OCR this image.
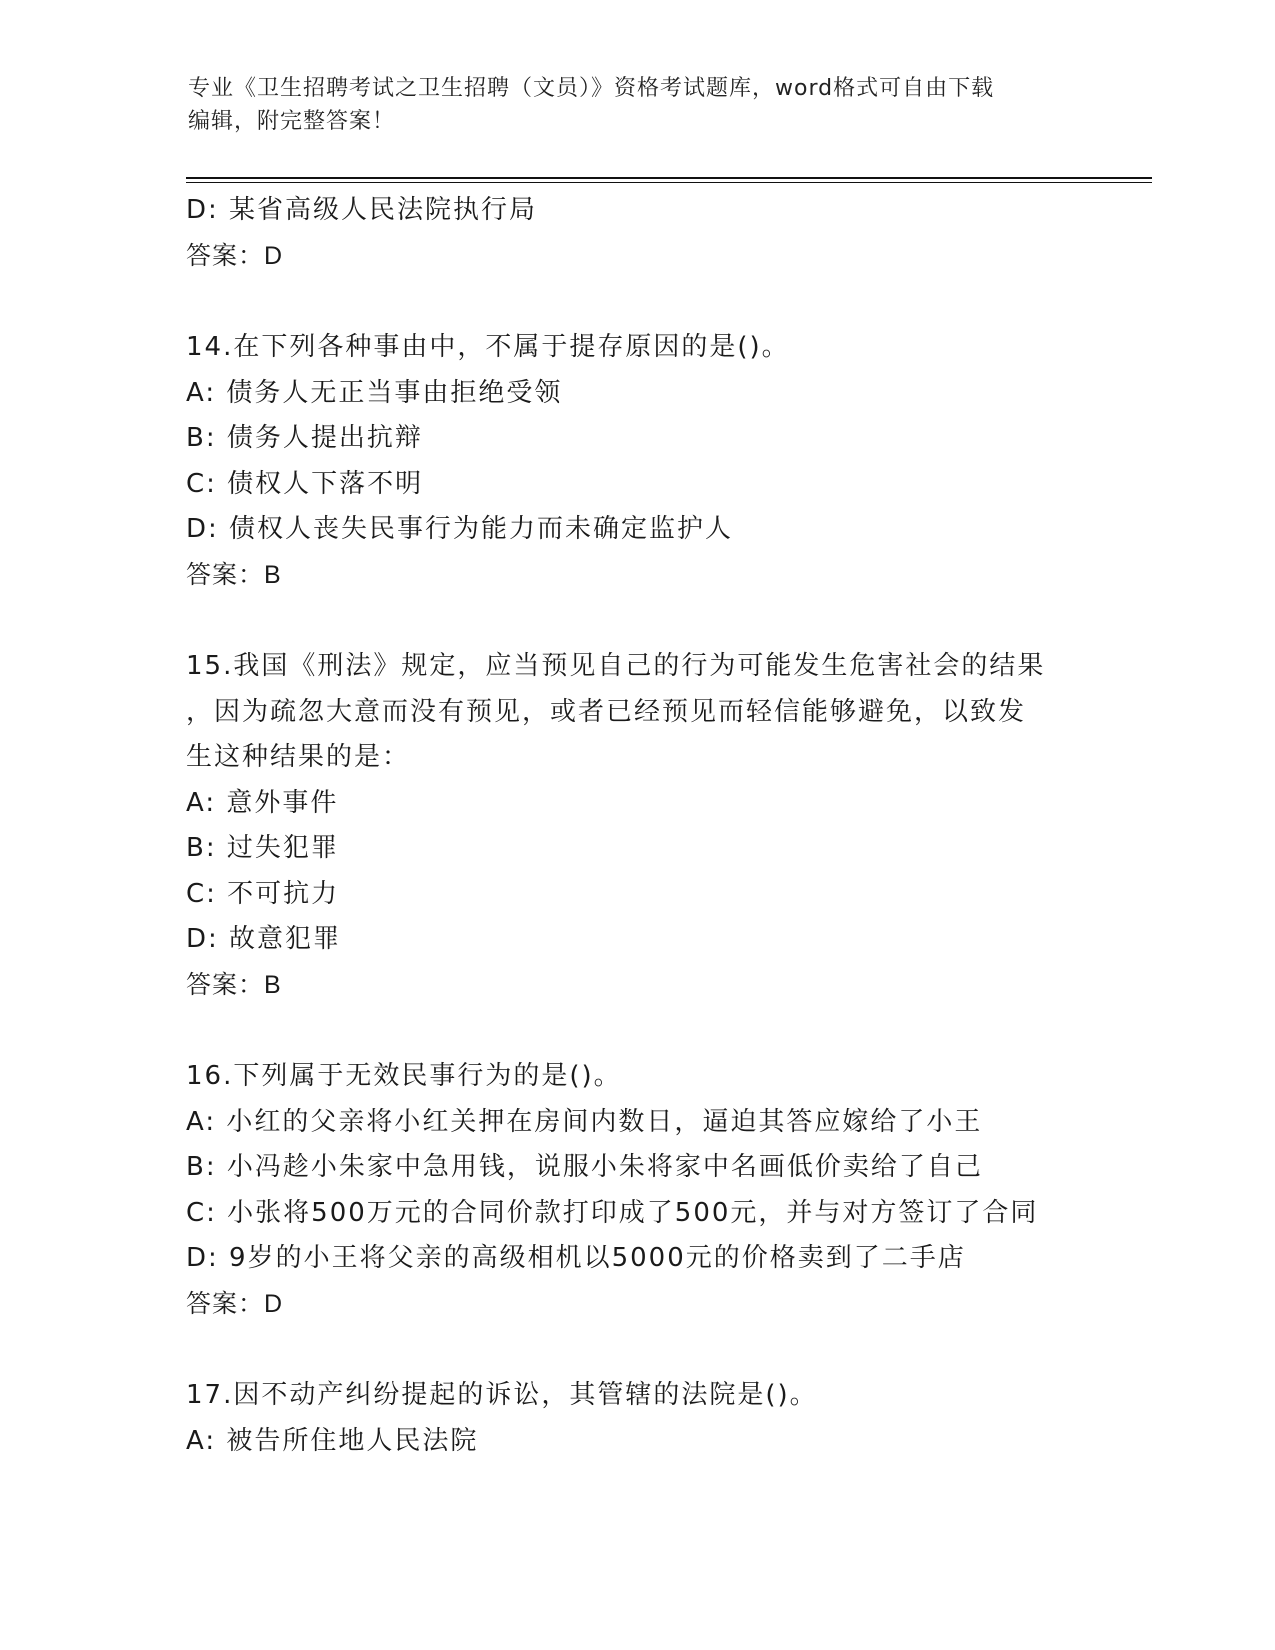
专业《卫生招聘考试之卫生招聘（文员）》资格考试题库，word格式可自由下载
编辑，附完整答案！
D: 某省高级人民法院执行局
答案：D
14.在下列各种事由中，不属于提存原因的是()。
A: 债务人无正当事由拒绝受领
B: 债务人提出抗辩
C: 债权人下落不明
D: 债权人丧失民事行为能力而未确定监护人
答案：B
15.我国《刑法》规定，应当预见自己的行为可能发生危害社会的结果
，因为疏忽大意而没有预见，或者已经预见而轻信能够避免，以致发
生这种结果的是：
A: 意外事件
B: 过失犯罪
C: 不可抗力
D: 故意犯罪
答案：B
16.下列属于无效民事行为的是()。
A: 小红的父亲将小红关押在房间内数日，逼迫其答应嫁给了小王
B: 小冯趁小朱家中急用钱，说服小朱将家中名画低价卖给了自己
C: 小张将500万元的合同价款打印成了500元，并与对方签订了合同
D: 9岁的小王将父亲的高级相机以5000元的价格卖到了二手店
答案：D
17.因不动产纠纷提起的诉讼，其管辖的法院是()。
A: 被告所住地人民法院
